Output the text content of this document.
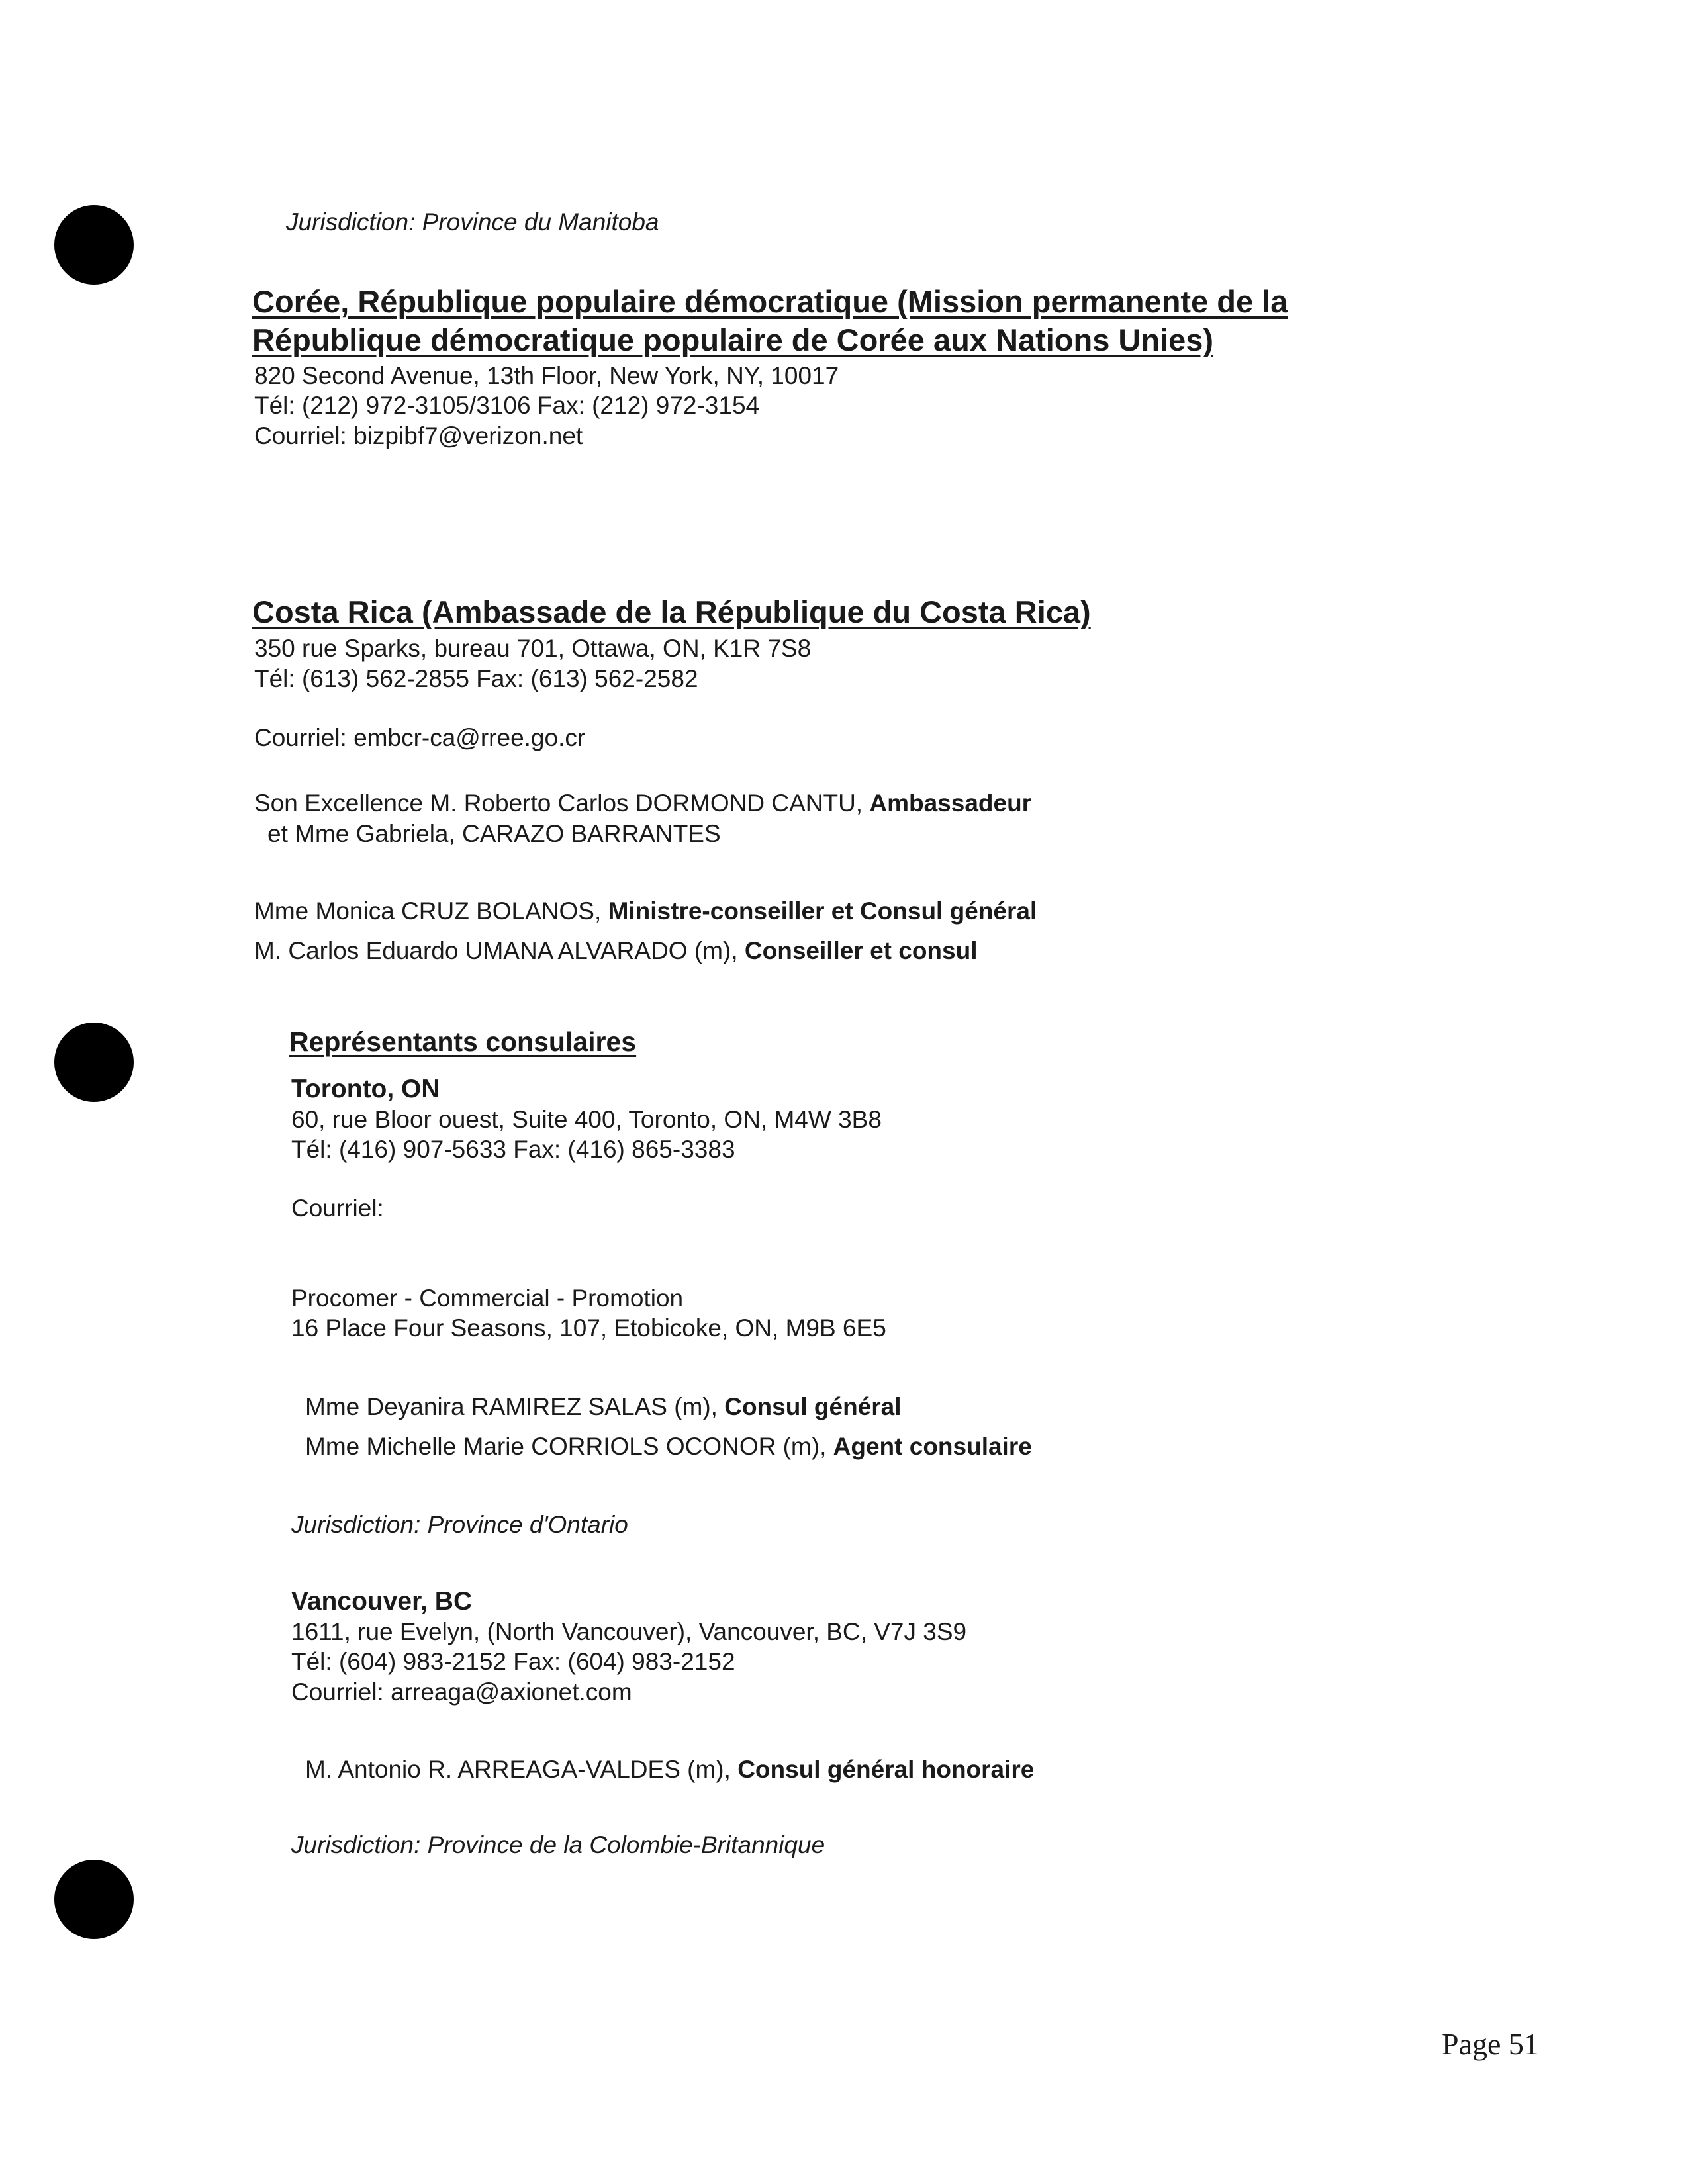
Jurisdiction: Province du Manitoba
Corée, République populaire démocratique (Mission permanente de la
République démocratique populaire de Corée aux Nations Unies)
820 Second Avenue, 13th Floor, New York, NY, 10017
Tél: (212) 972-3105/3106 Fax: (212) 972-3154
Courriel: bizpibf7@verizon.net
Costa Rica (Ambassade de la République du Costa Rica)
350 rue Sparks, bureau 701, Ottawa, ON, K1R 7S8
Tél: (613) 562-2855 Fax: (613) 562-2582
Courriel: embcr-ca@rree.go.cr
Son Excellence M. Roberto Carlos DORMOND CANTU, Ambassadeur
et Mme Gabriela, CARAZO BARRANTES
Mme Monica CRUZ BOLANOS, Ministre-conseiller et Consul général
M. Carlos Eduardo UMANA ALVARADO (m), Conseiller et consul
Représentants consulaires
Toronto, ON
60, rue Bloor ouest, Suite 400, Toronto, ON, M4W 3B8
Tél: (416) 907-5633 Fax: (416) 865-3383
Courriel:
Procomer - Commercial - Promotion
16 Place Four Seasons, 107, Etobicoke, ON, M9B 6E5
Mme Deyanira RAMIREZ SALAS (m), Consul général
Mme Michelle Marie CORRIOLS OCONOR (m), Agent consulaire
Jurisdiction: Province d'Ontario
Vancouver, BC
1611, rue Evelyn, (North Vancouver), Vancouver, BC, V7J 3S9
Tél: (604) 983-2152 Fax: (604) 983-2152
Courriel: arreaga@axionet.com
M. Antonio R. ARREAGA-VALDES (m), Consul général honoraire
Jurisdiction: Province de la Colombie-Britannique
Page 51
